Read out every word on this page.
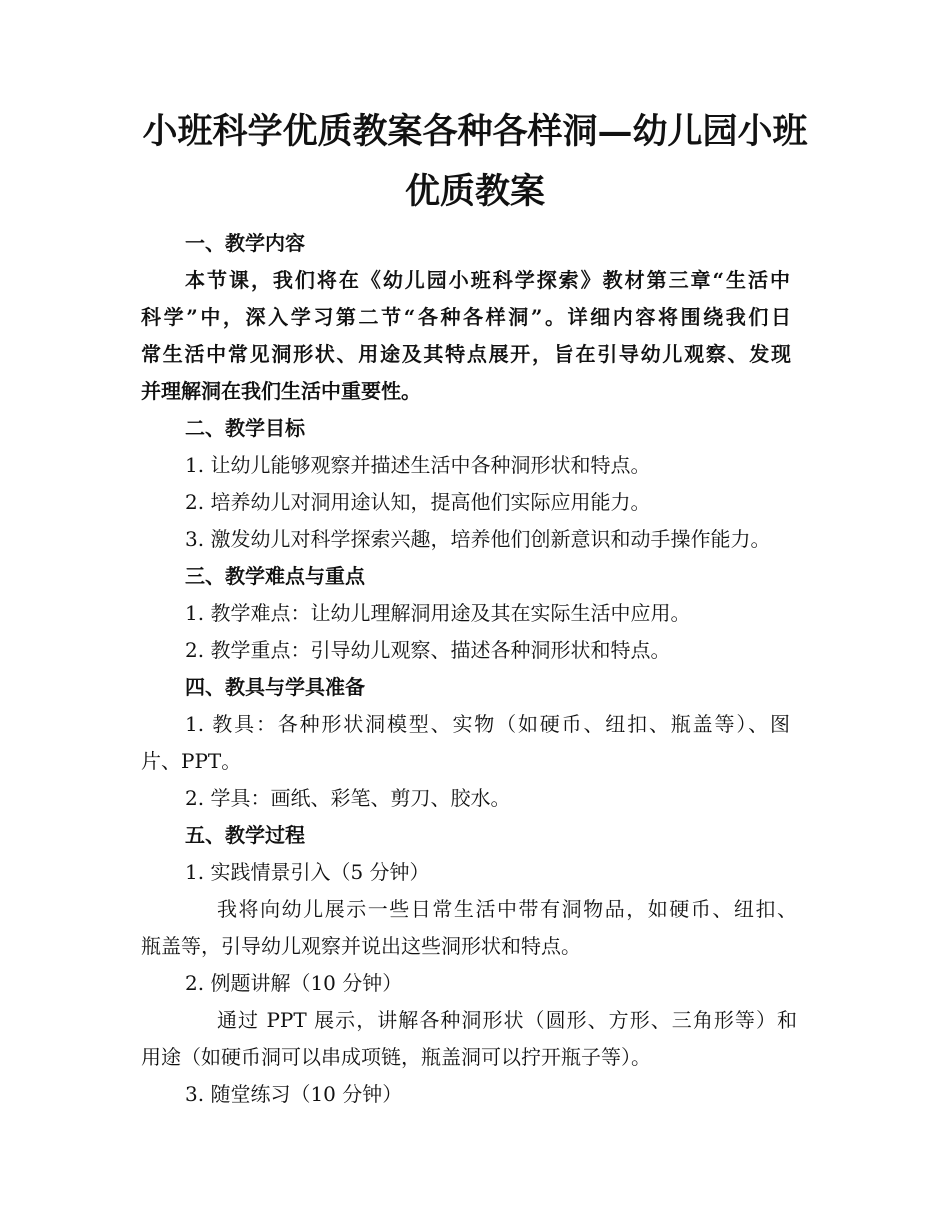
小班科学优质教案各种各样洞—幼儿园小班
优质教案
一、教学内容
本节课，我们将在《幼儿园小班科学探索》教材第三章“生活中
科学”中，深入学习第二节“各种各样洞”。详细内容将围绕我们日
常生活中常见洞形状、用途及其特点展开，旨在引导幼儿观察、发现
并理解洞在我们生活中重要性。
二、教学目标
1. 让幼儿能够观察并描述生活中各种洞形状和特点。
2. 培养幼儿对洞用途认知，提高他们实际应用能力。
3. 激发幼儿对科学探索兴趣，培养他们创新意识和动手操作能力。
三、教学难点与重点
1. 教学难点：让幼儿理解洞用途及其在实际生活中应用。
2. 教学重点：引导幼儿观察、描述各种洞形状和特点。
四、教具与学具准备
1. 教具：各种形状洞模型、实物（如硬币、纽扣、瓶盖等）、图
片、PPT。
2. 学具：画纸、彩笔、剪刀、胶水。
五、教学过程
1. 实践情景引入（5 分钟）
我将向幼儿展示一些日常生活中带有洞物品，如硬币、纽扣、
瓶盖等，引导幼儿观察并说出这些洞形状和特点。
2. 例题讲解（10 分钟）
通过 PPT 展示，讲解各种洞形状（圆形、方形、三角形等）和
用途（如硬币洞可以串成项链，瓶盖洞可以拧开瓶子等）。
3. 随堂练习（10 分钟）
